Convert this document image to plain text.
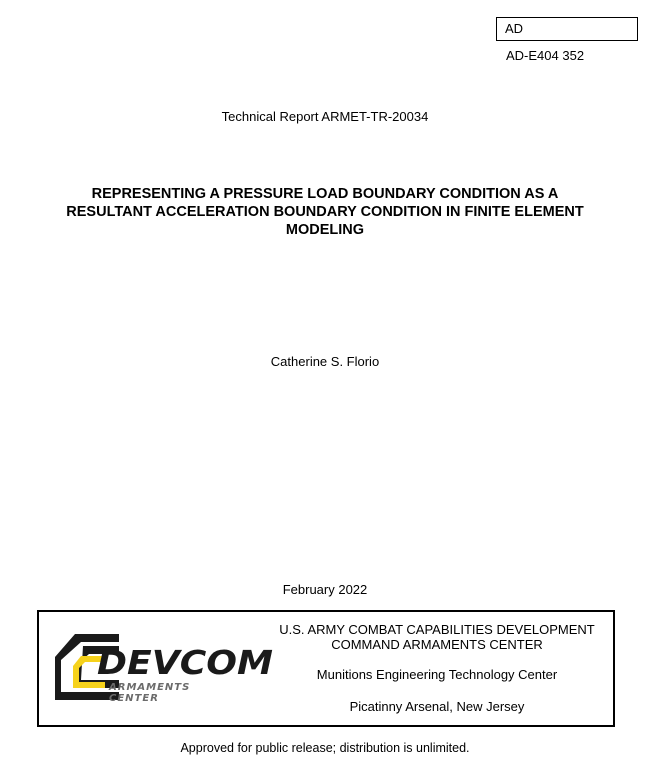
AD
AD-E404 352
Technical Report ARMET-TR-20034
REPRESENTING A PRESSURE LOAD BOUNDARY CONDITION AS A
RESULTANT ACCELERATION BOUNDARY CONDITION IN FINITE ELEMENT
MODELING
Catherine S. Florio
February 2022
DEVCOM
ARMAMENTS
CENTER
U.S. ARMY COMBAT CAPABILITIES DEVELOPMENT COMMAND ARMAMENTS CENTER
Munitions Engineering Technology Center
Picatinny Arsenal, New Jersey
Approved for public release; distribution is unlimited.
